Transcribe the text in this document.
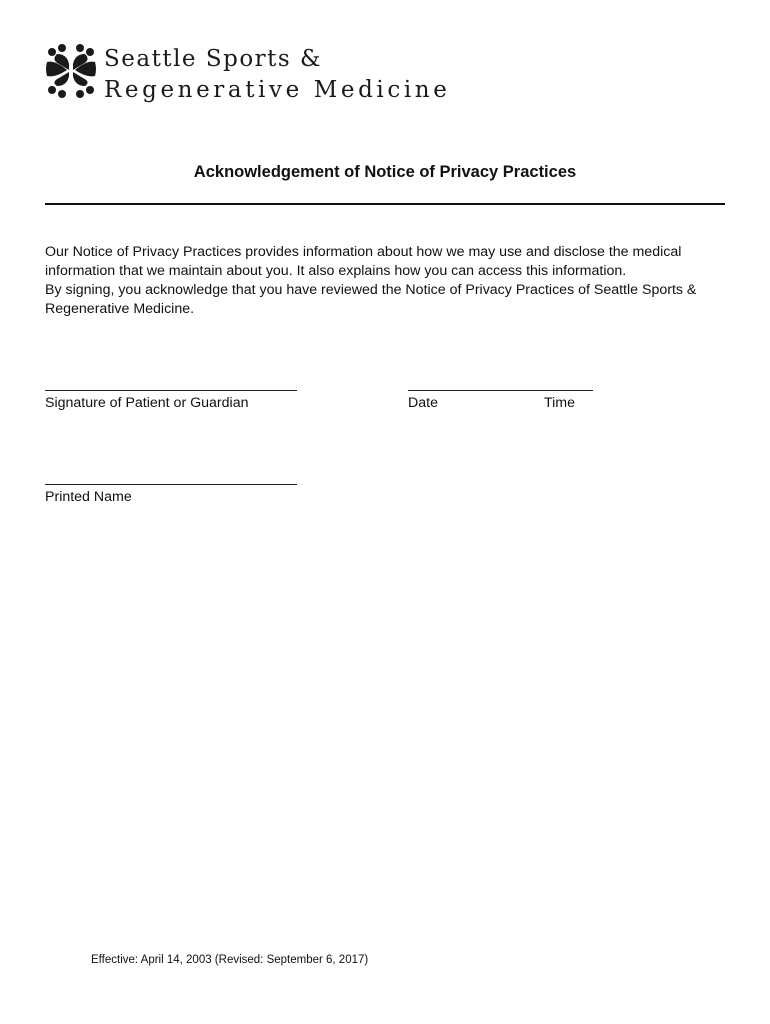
Seattle Sports &
Regenerative Medicine
Acknowledgement of Notice of Privacy Practices

Our Notice of Privacy Practices provides information about how we may use and disclose the medical information that we maintain about you. It also explains how you can access this information.

By signing, you acknowledge that you have reviewed the Notice of Privacy Practices of Seattle Sports & Regenerative Medicine.

Signature of Patient or Guardian	Date	Time
Printed Name
Effective: April 14, 2003 (Revised: September 6, 2017)
